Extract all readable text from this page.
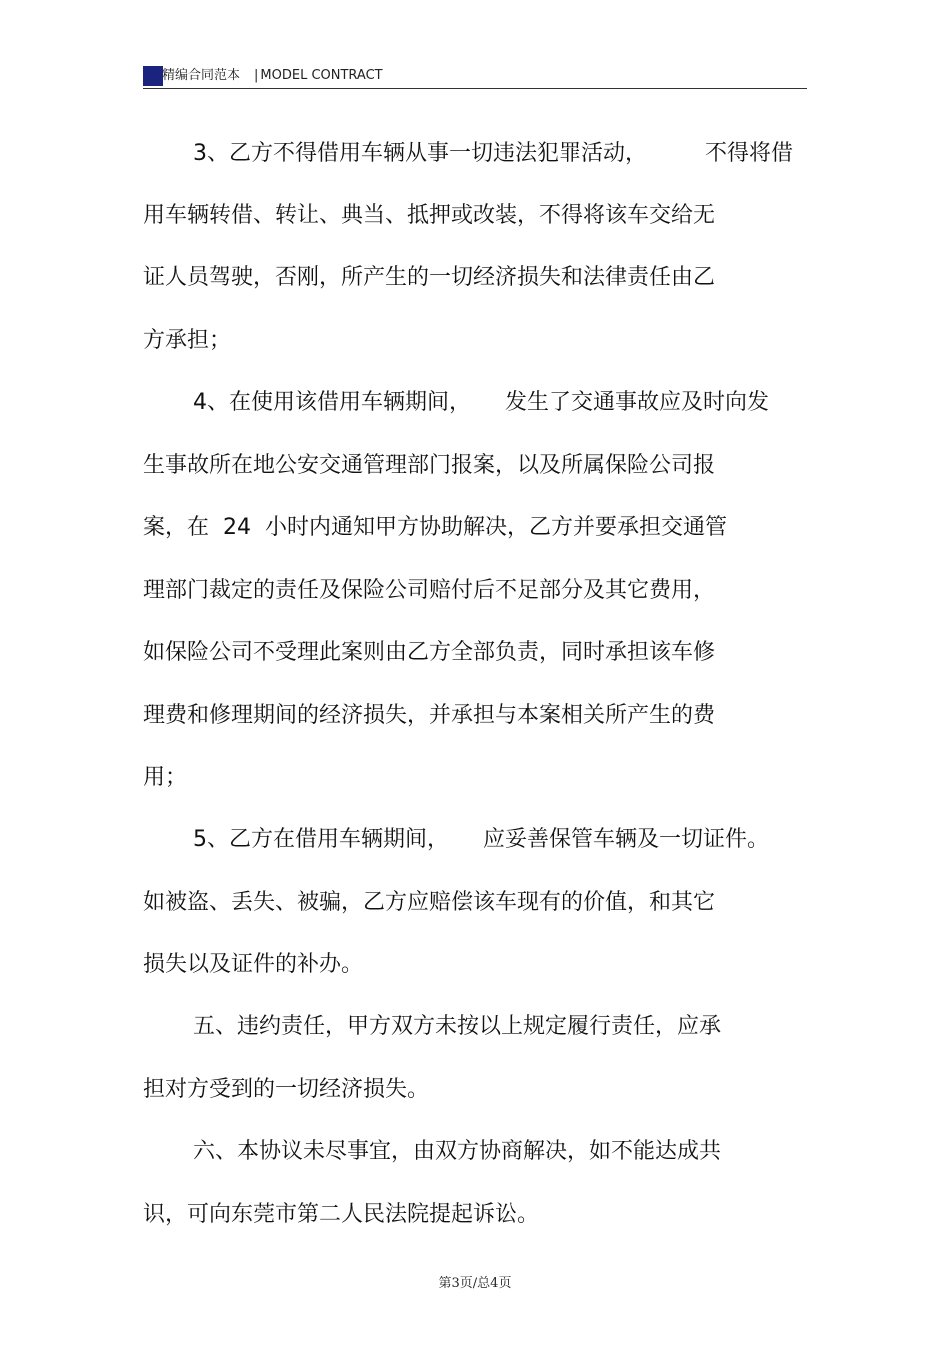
精编合同范本 | MODEL CONTRACT
3、乙方不得借用车辆从事一切违法犯罪活动，	不得将借
用车辆转借、转让、典当、抵押或改装，不得将该车交给无
证人员驾驶，否刚，所产生的一切经济损失和法律责任由乙
方承担；
4、在使用该借用车辆期间， 发生了交通事故应及时向发
生事故所在地公安交通管理部门报案，以及所属保险公司报
案，在  24  小时内通知甲方协助解决，乙方并要承担交通管
理部门裁定的责任及保险公司赔付后不足部分及其它费用，
如保险公司不受理此案则由乙方全部负责，同时承担该车修
理费和修理期间的经济损失，并承担与本案相关所产生的费
用；
5、乙方在借用车辆期间， 应妥善保管车辆及一切证件。
如被盗、丢失、被骗，乙方应赔偿该车现有的价值，和其它
损失以及证件的补办。
五、违约责任，甲方双方未按以上规定履行责任，应承
担对方受到的一切经济损失。
六、本协议未尽事宜，由双方协商解决，如不能达成共
识，可向东莞市第二人民法院提起诉讼。
第3页/总4页
